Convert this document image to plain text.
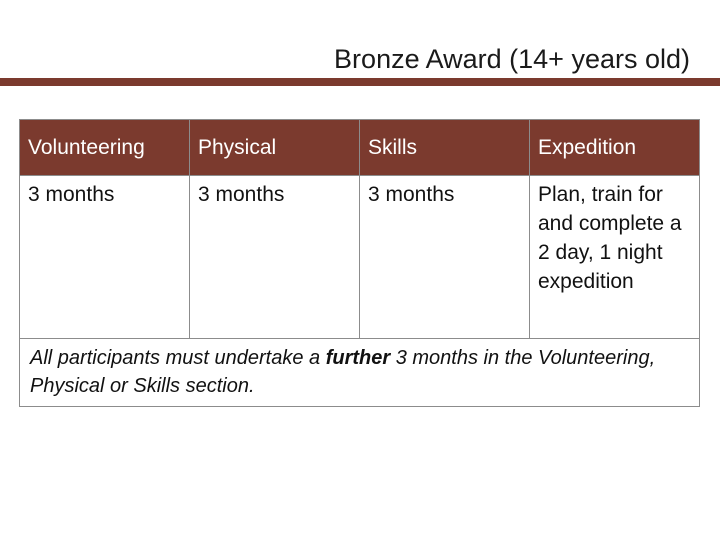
Bronze Award (14+ years old)
Volunteering	Physical	Skills	Expedition
3 months	3 months	3 months	Plan, train for and complete a 2 day, 1 night expedition
All participants must undertake a further 3 months in the Volunteering, Physical or Skills section.			
